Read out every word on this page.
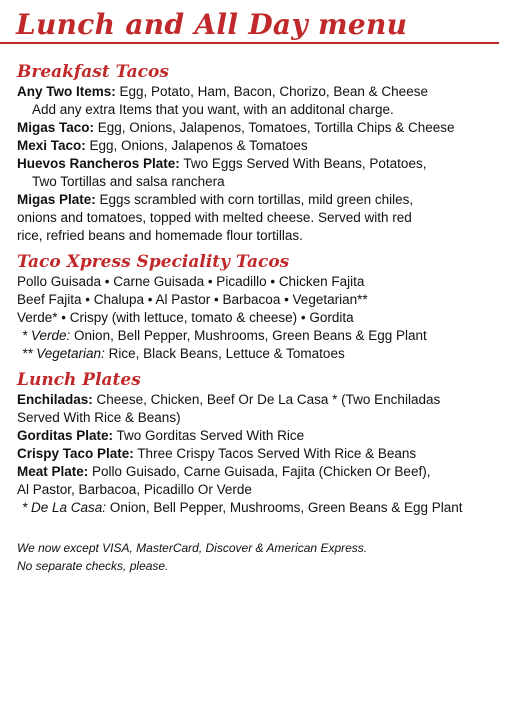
Lunch and All Day menu
Breakfast Tacos
Any Two Items: Egg, Potato, Ham, Bacon, Chorizo, Bean & Cheese
Add any extra Items that you want, with an additonal charge.
Migas Taco: Egg, Onions, Jalapenos, Tomatoes, Tortilla Chips & Cheese
Mexi Taco: Egg, Onions, Jalapenos & Tomatoes
Huevos Rancheros Plate: Two Eggs Served With Beans, Potatoes,
Two Tortillas and salsa ranchera
Migas Plate: Eggs scrambled with corn tortillas, mild green chiles,
onions and tomatoes, topped with melted cheese. Served with red
rice, refried beans and homemade flour tortillas.
Taco Xpress Speciality Tacos
Pollo Guisada • Carne Guisada • Picadillo • Chicken Fajita
Beef Fajita • Chalupa • Al Pastor • Barbacoa • Vegetarian**
Verde* • Crispy (with lettuce, tomato & cheese) • Gordita
* Verde: Onion, Bell Pepper, Mushrooms, Green Beans & Egg Plant
** Vegetarian: Rice, Black Beans, Lettuce & Tomatoes
Lunch Plates
Enchiladas: Cheese, Chicken, Beef Or De La Casa * (Two Enchiladas
Served With Rice & Beans)
Gorditas Plate: Two Gorditas Served With Rice
Crispy Taco Plate: Three Crispy Tacos Served With Rice & Beans
Meat Plate: Pollo Guisado, Carne Guisada, Fajita (Chicken Or Beef),
Al Pastor, Barbacoa, Picadillo Or Verde
* De La Casa: Onion, Bell Pepper, Mushrooms, Green Beans & Egg Plant
We now except VISA, MasterCard, Discover & American Express.
No separate checks, please.
